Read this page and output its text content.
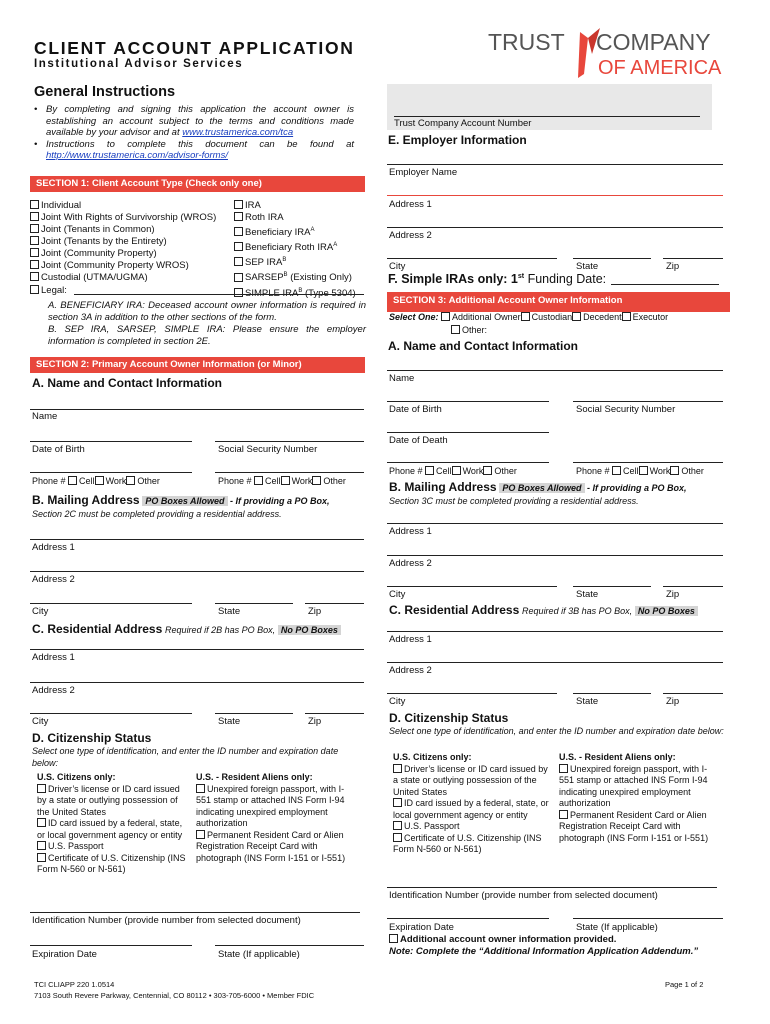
CLIENT ACCOUNT APPLICATION
Institutional Advisor Services
TRUST COMPANY
OF AMERICA
General Instructions
• By completing and signing this application the account owner is establishing an account subject to the terms and conditions made available by your advisor and at www.trustamerica.com/tca
• Instructions to complete this document can be found at http://www.trustamerica.com/advisor-forms/
Trust Company Account Number
SECTION 1: Client Account Type (Check only one)
Individual
Joint With Rights of Survivorship (WROS)
Joint (Tenants in Common)
Joint (Tenants by the Entirety)
Joint (Community Property)
Joint (Community Property WROS)
Custodial (UTMA/UGMA)
IRA
Roth IRA
Beneficiary $IRA^A$
Beneficiary Roth $IRA^A$
SEP $IRA^B$
$SARSEP^B$ (Existing Only)
SIMPLE $IRA^B$ (Type 5304)
Legal:
A. BENEFICIARY IRA: Deceased account owner information is required in section 3A in addition to the other sections of the form.
B. SEP IRA, SARSEP, SIMPLE IRA: Please ensure the employer information is completed in section 2E.
SECTION 2: Primary Account Owner Information (or Minor)
A. Name and Contact Information
Name
Date of Birth	Social Security Number
Phone # Cell Work Other	Phone # Cell Work Other
B. Mailing Address PO Boxes Allowed - If providing a PO Box,
Section 2C must be completed providing a residential address.
Address 1
Address 2
City	State	Zip
C. Residential Address Required if 2B has PO Box, No PO Boxes
Address 1
Address 2
City	State	Zip
D. Citizenship Status
Select one type of identification, and enter the ID number and expiration date below:
U.S. Citizens only:
Driver’s license or ID card issued by a state or outlying possession of the United States
ID card issued by a federal, state, or local government agency or entity
U.S. Passport
Certificate of U.S. Citizenship (INS Form N-560 or N-561)
U.S. - Resident Aliens only:
Unexpired foreign passport, with I-551 stamp or attached INS Form I-94 indicating unexpired employment authorization
Permanent Resident Card or Alien Registration Receipt Card with photograph (INS Form I-151 or I-551)
Identification Number (provide number from selected document)
Expiration Date	State (If applicable)
E. Employer Information
Employer Name
Address 1
Address 2
City	State	Zip
F. Simple IRAs only: 1st Funding Date:
SECTION 3: Additional Account Owner Information
Select One: Additional Owner Custodian Decedent Executor
Other:
A. Name and Contact Information
Name
Date of Birth	Social Security Number
Date of Death
Phone # Cell Work Other	Phone # Cell Work Other
B. Mailing Address PO Boxes Allowed - If providing a PO Box,
Section 3C must be completed providing a residential address.
Address 1
Address 2
City	State	Zip
C. Residential Address Required if 3B has PO Box, No PO Boxes
Address 1
Address 2
City	State	Zip
D. Citizenship Status
Select one type of identification, and enter the ID number and expiration date below:
U.S. Citizens only:
Driver’s license or ID card issued by a state or outlying possession of the United States
ID card issued by a federal, state, or local government agency or entity
U.S. Passport
Certificate of U.S. Citizenship (INS Form N-560 or N-561)
U.S. - Resident Aliens only:
Unexpired foreign passport, with I-551 stamp or attached INS Form I-94 indicating unexpired employment authorization
Permanent Resident Card or Alien Registration Receipt Card with photograph (INS Form I-151 or I-551)
Identification Number (provide number from selected document)
Expiration Date	State (If applicable)
Additional account owner information provided.
Note: Complete the “Additional Information Application Addendum.”
TCI CLIAPP 220 1.0514
7103 South Revere Parkway, Centennial, CO 80112 • 303-705-6000 • Member FDIC
Page 1 of 2
